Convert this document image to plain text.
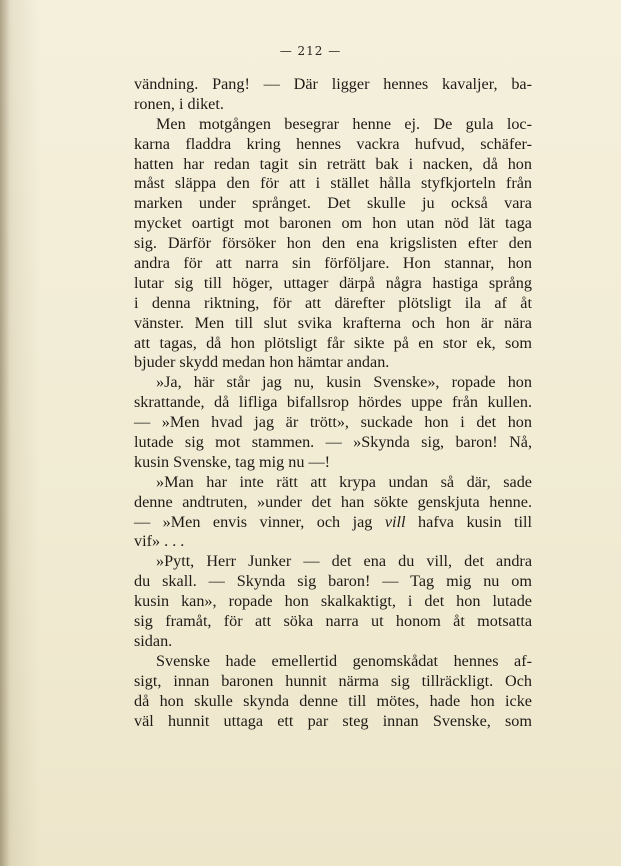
— 212 —
vändning. Pang! — Där ligger hennes kavaljer, ba-
ronen, i diket.
Men motgången besegrar henne ej. De gula loc-
karna fladdra kring hennes vackra hufvud, schäfer-
hatten har redan tagit sin reträtt bak i nacken, då hon
måst släppa den för att i stället hålla styfkjorteln från
marken under språnget. Det skulle ju också vara
mycket oartigt mot baronen om hon utan nöd lät taga
sig. Därför försöker hon den ena krigslisten efter den
andra för att narra sin förföljare. Hon stannar, hon
lutar sig till höger, uttager därpå några hastiga språng
i denna riktning, för att därefter plötsligt ila af åt
vänster. Men till slut svika krafterna och hon är nära
att tagas, då hon plötsligt får sikte på en stor ek, som
bjuder skydd medan hon hämtar andan.
»Ja, här står jag nu, kusin Svenske», ropade hon
skrattande, då lifliga bifallsrop hördes uppe från kullen.
— »Men hvad jag är trött», suckade hon i det hon
lutade sig mot stammen. — »Skynda sig, baron! Nå,
kusin Svenske, tag mig nu —!
»Man har inte rätt att krypa undan så där, sade
denne andtruten, »under det han sökte genskjuta henne.
— »Men envis vinner, och jag vill hafva kusin till
vif» . . .
»Pytt, Herr Junker — det ena du vill, det andra
du skall. — Skynda sig baron! — Tag mig nu om
kusin kan», ropade hon skalkaktigt, i det hon lutade
sig framåt, för att söka narra ut honom åt motsatta
sidan.
Svenske hade emellertid genomskådat hennes af-
sigt, innan baronen hunnit närma sig tillräckligt. Och
då hon skulle skynda denne till mötes, hade hon icke
väl hunnit uttaga ett par steg innan Svenske, som
